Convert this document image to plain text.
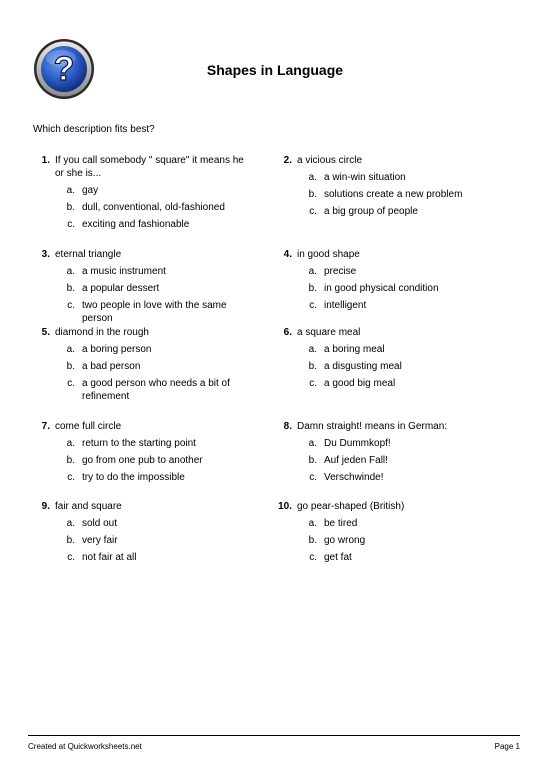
?	Shapes in Language
Which description fits best?
1. If you call somebody " square" it means he or she is...
a. gay
b. dull, conventional, old-fashioned
c. exciting and fashionable
2. a vicious circle
a. a win-win situation
b. solutions create a new problem
c. a big group of people
3. eternal triangle
a. a music instrument
b. a popular dessert
c. two people in love with the same person
4. in good shape
a. precise
b. in good physical condition
c. intelligent
5. diamond in the rough
a. a boring person
b. a bad person
c. a good person who needs a bit of refinement
6. a square meal
a. a boring meal
b. a disgusting meal
c. a good big meal
7. come full circle
a. return to the starting point
b. go from one pub to another
c. try to do the impossible
8. Damn straight! means in German:
a. Du Dummkopf!
b. Auf jeden Fall!
c. Verschwinde!
9. fair and square
a. sold out
b. very fair
c. not fair at all
10. go pear-shaped (British)
a. be tired
b. go wrong
c. get fat
Created at Quickworksheets.net	Page 1
